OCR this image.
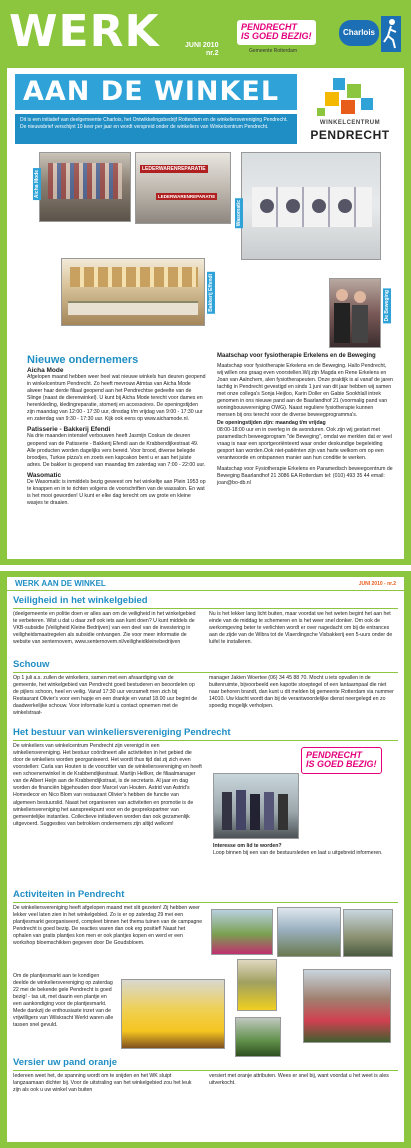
WERK	JUNI 2010
nr.2
PENDRECHT
IS GOED BEZIG!
Gemeente Rotterdam
Charlois
AAN DE WINKEL
Dit is een initiatief van deelgemeente Charlois, het Ontwikkelingsbedrijf Rotterdam en de winkeliersvereniging Pendrecht. De nieuwsbrief verschijnt 10 keer per jaar en wordt verspreid onder de winkeliers van Winkelcentrum Pendrecht.
WINKELCENTRUM
PENDRECHT
Aicha Mode
LEDERWARENREPARATIE
LEDERWARENREPARATIE
Wasomatic
Bakkerij Effendi	De Beweging
Nieuwe ondernemers
Aicha Mode
Afgelopen maand hebben weer heel wat nieuwe winkels hun deuren geopend in winkelcentrum Pendrecht. Zo heeft mevrouw Atmtas van Aicha Mode alweer haar derde filiaal geopend aan het Pendrechtse gedeelte van de Slinge (naast de dierenwinkel). U kunt bij Aicha Mode terecht voor dames en herenkleding, kledingreparatie, stomerij en accessoires. De openingstijden zijn maandag van 12:00 - 17:30 uur, dinsdag t/m vrijdag van 9:00 - 17:30 uur en zaterdag van 9:30 - 17:30 uur. Kijk ook eens op www.aichamode.nl.
Patisserie - Bakkerij Efendi
Na drie maanden intensief verbouwen heeft Jasmijn Coskun de deuren geopend van de Patisserie - Bakkerij Efendi aan de Krabbendijkestraat 49. Alle producten worden dagelijks vers bereid. Voor brood, diverse belegde broodjes, Turkse pizza's en zoets een kapcakon bent u er aan het juiste adres. De bakker is geopend van maandag tim zaterdag van 7:00 - 22:00 uur.
Wasomatic
De Wasomatic is inmiddels bezig geweest om het winkeltje aan Plein 1953 op te knappen en in te richten volgens de voorschriften van de wassalon. En wat is het mooi geworden! U kunt er elke dag terecht om uw grote en kleine wasjes te draaien.
Maatschap voor fysiotherapie Erkelens en de Beweging
Maatschap voor fysiotherapie Erkelens en de Beweging. Hallo Pendrecht, wij willen ons graag even voorstellen.Wij zijn Magda en Rene Erkelens en Joan van Aalnchem, alen fysiotherapeuten. Onze praktijk is al vanaf de jaren tachtig in Pendrecht gevestigd en sinds 1 juni van dit jaar hebben wij samen met onze collega's Sonja Heijloo, Karin Doller en Gabie Sookhlall intrek genomen in ons nieuwe pand aan de Baarlandhof 21 (voormalig pand van woningbouwvereniging OWG). Naast reguliere fysiotherapie kunnen mensen bij ons terecht voor de diverse beweegprogramma's.
De openingstijden zijn: maandag t/m vrijdag
08:00-18:00 uur en in overleg in de avonduren. Ook zijn wij gestart met paramedisch beweegprogram "de Beweging", omdat we merkten dat er veel vraag is naar een sportgeoriënteerd waar onder deskundige begeleiding gesport kan worden.Ook niet-patiënten zijn van harte welkom om op een verantwoorde en ontspannen manier aan hun conditie te werken.
Maatschap voor Fysiotherapie Erkelens en Paramedisch beweegcentrum de Beweging Baarlandhof 21 3086 EA Rotterdam tel: (010) 493 35 44 email: joan@bo-db.nl
WERK AAN DE WINKEL	JUNI 2010 - nr.2
Veiligheid in het winkelgebied
(deelgemeente en politie doen er alles aan om de veiligheid in het winkelgebied te verbeteren. Wist u dat u daar zelf ook iets aan kunt doen? U kunt middels de VKB-subsidie (Veiligheid Kleine Bedrijven) van een deel van de investering in veiligheidsmaatregelen als subsidie ontvangen. Zie voor meer informatie de website van senternovem, www.senternovem.nl/veiligheidkleinebedrijven
Nu is het lekker lang licht buiten, maar voordat we het weten begint het aan het einde van de middag te schemeren en is het weer snel donker. Om ook de werkomgeving beter te verlichten wordt er over nagedacht om bij de entrances aan de zijde van de Wibra tot de Vlaerdingsche Visbakkerij een 5-uurs onder de luifel te installeren.
Schouw
Op 1 juli a.s. zullen de winkeliers, samen met een afvaardiging van de gemeente, het winkelgebied van Pendrecht goed bestuderen en beoordelen op de pijlers schoon, heel en veilig. Vanaf 17:30 uur verzamelt men zich bij Restaurant Olivier's voor een hapje en een drankje en vanaf 18.00 uur begint de daadwerkelijke schouw. Voor informatie kunt u contact opnemen met de winkelstraat-
manager Jakien Woertee (06) 34 45 88 70. Mocht u iets opvallen in de buitenruimte, bijvoorbeeld een kapotte stoeptegel of een lantaarnpaal die niet naar behoren brandt, dan kunt u dit melden bij gemeente Rotterdam via nummer 14010. Uw klacht wordt dan bij de verantwoordelijke dienst neergelegd en zo spoedig mogelijk verholpen.
Het bestuur van winkeliersvereniging Pendrecht
De winkeliers van winkelcentrum Pendrecht zijn verenigd in een winkeliersvereniging. Het bestuur coördineert alle activiteiten in het gebied die door de winkeliers worden georganiseerd. Het wordt thus tijd dat zij zich even voorstellen: Carla van Houten is de voorzitter van de winkeliersvereniging en heeft een schoenenwinkel in de Krabbendijkestraat. Martijn Hellker, de filiaalmanager van de Albert Heijn aan de Krabbendijkstraat, is de secretaris. Al jaar en dag worden de financiën bijgehouden door Marcel van Houten. Astrid van Astrid's Homedecor en Nico Blom van restaurant Olivier's hebben de functie van algemeen bestuurslid. Naast het organiseren van activiteiten en promotie is de winkeliersvereniging het aanspreekpunt voor en de gesprekspartner van gemeentelijke instanties. Collectieve initiatieven worden dan ook gezamenlijk uitgevoerd. Suggesties van betrokken ondernemers zijn altijd welkom!
PENDRECHT
IS GOED BEZIG!
Interesse om lid te worden?
Loop binnen bij een van de bestuursleden en laat u uitgebreid informeren.
Activiteiten in Pendrecht
De winkeliersvereniging heeft afgelopen maand met slit gezeten! Zij hebben weer lekker veel laten zien in het winkelgebied. Zo is er op zaterdag 29 mei een plantjesmarkt georganiseerd, compleet binnen het thema tuinen van de campagne Pendrecht is goed bezig. De reacties waren dan ook erg positief! Naast het ophalen van gratis plantjes kon men er ook plantjes kopen en werd er een workshop bloemschikken gegeven door De Goudsbloem.
Om de plantjesmarkt aan te kondigen deelde de winkeliersvereniging op zaterdag 22 mei de bekende gele Pendrecht is goed bezig! - tas uit, met daarin een plantje en een aankondiging voor de plantjesmarkt. Mede dankzij de enthousiaste inzet van de vrijwilligers van Wilskracht Werkt waren alle tassen snel gevuld.
Versier uw pand oranje
Iedereen weet het, de spanning wordt om te snijden en het WK sluipt langzaamaan dichter bij. Voor de uitstraling van het winkelgebied zou het leuk zijn als ook u uw winkel van buiten
versiert met oranje attributen. Wees er snel bij, want voordat u het weet is ales uitverkocht.
